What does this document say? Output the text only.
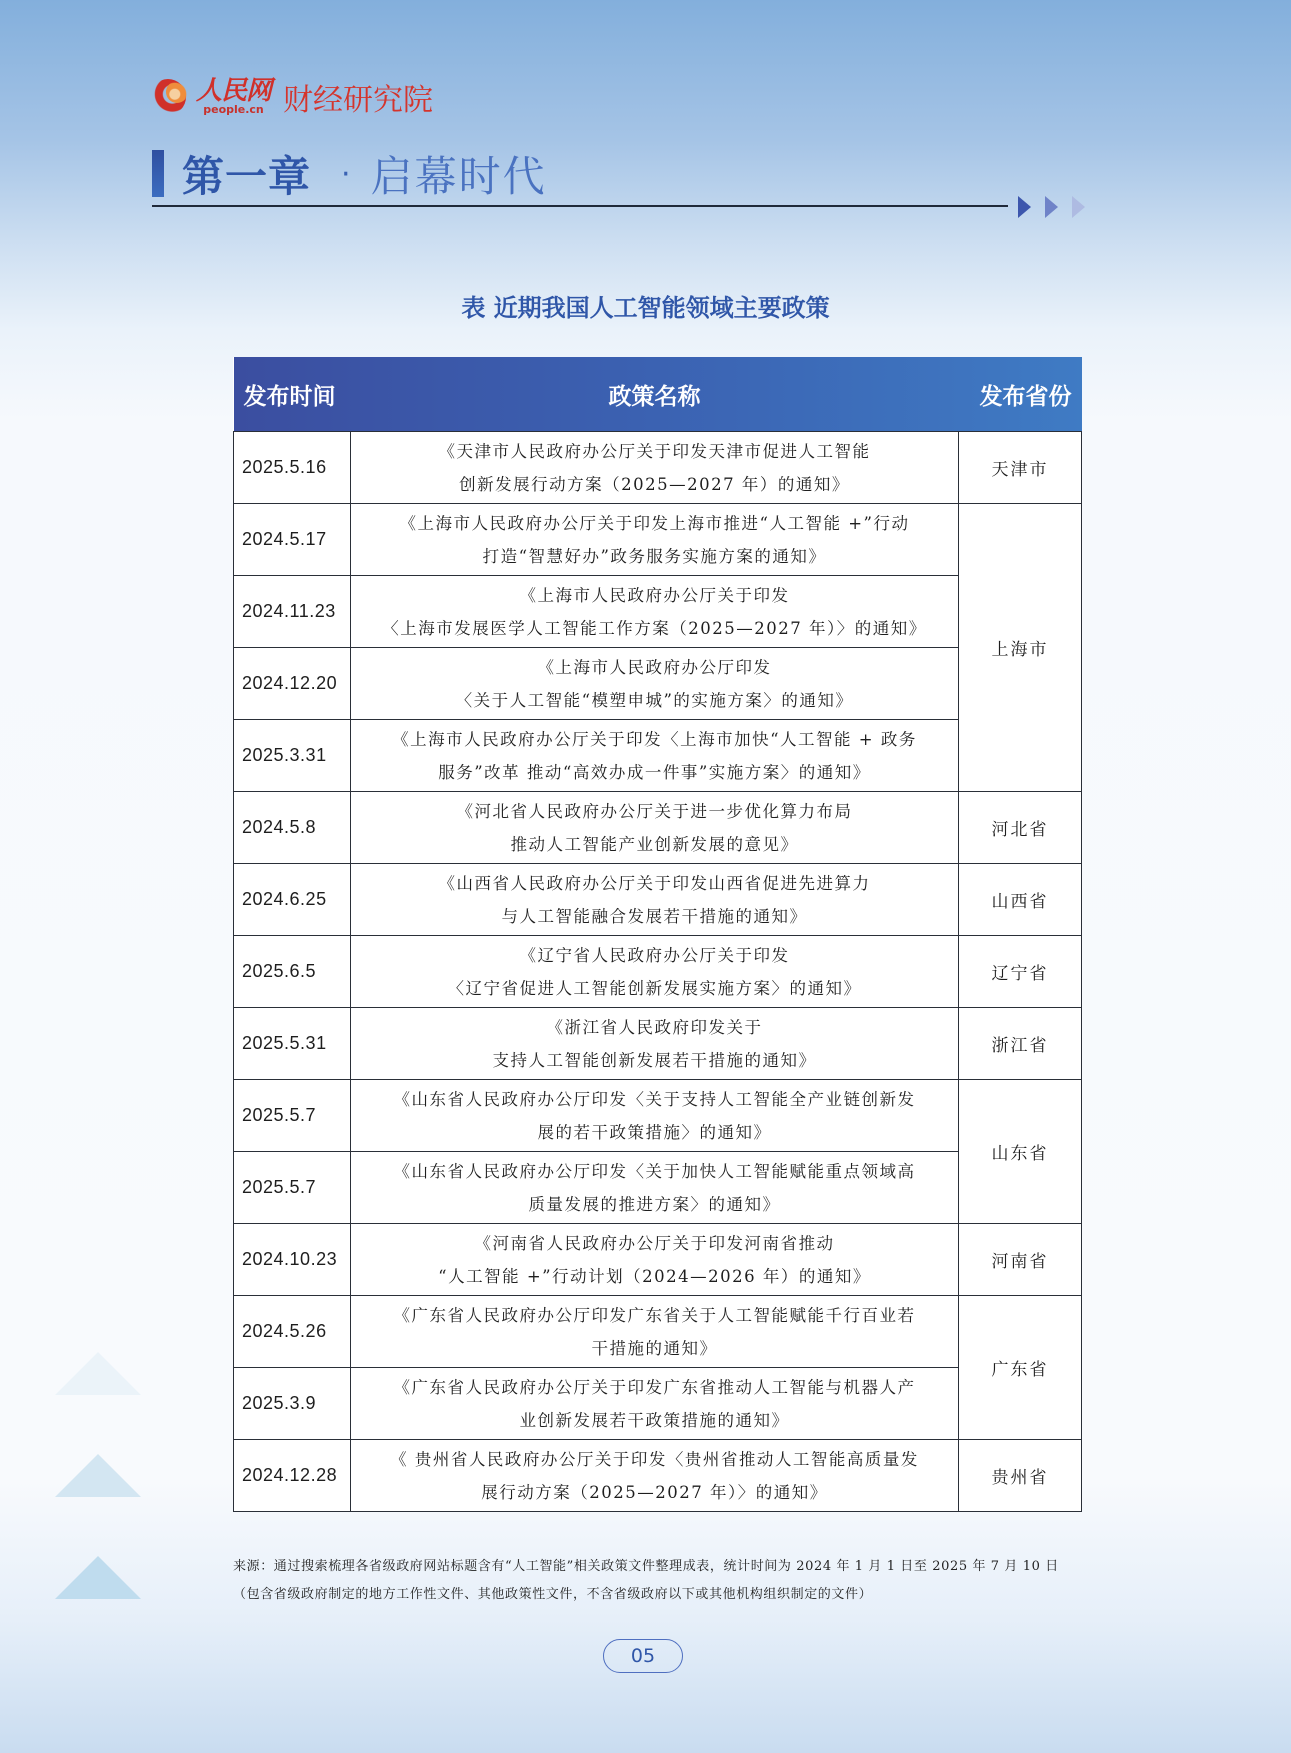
人民网
people.cn 财经研究院
第一章 · 启幕时代
表 近期我国人工智能领域主要政策
发布时间	政策名称	发布省份
2025.5.16	《天津市人民政府办公厅关于印发天津市促进人工智能
创新发展行动方案（2025—2027 年）的通知》	天津市
2024.5.17	《上海市人民政府办公厅关于印发上海市推进“人工智能 +”行动
打造“智慧好办”政务服务实施方案的通知》	上海市
2024.11.23	《上海市人民政府办公厅关于印发
〈上海市发展医学人工智能工作方案（2025—2027 年）〉的通知》	

2024.12.20	《上海市人民政府办公厅印发
〈关于人工智能“模塑申城”的实施方案〉的通知》	

2025.3.31	《上海市人民政府办公厅关于印发〈上海市加快“人工智能 + 政务
服务”改革 推动“高效办成一件事”实施方案〉的通知》	

2024.5.8	《河北省人民政府办公厅关于进一步优化算力布局
推动人工智能产业创新发展的意见》	河北省
2024.6.25	《山西省人民政府办公厅关于印发山西省促进先进算力
与人工智能融合发展若干措施的通知》	山西省
2025.6.5	《辽宁省人民政府办公厅关于印发
〈辽宁省促进人工智能创新发展实施方案〉的通知》	辽宁省
2025.5.31	《浙江省人民政府印发关于
支持人工智能创新发展若干措施的通知》	浙江省
2025.5.7	《山东省人民政府办公厅印发〈关于支持人工智能全产业链创新发
展的若干政策措施〉的通知》	山东省
2025.5.7	《山东省人民政府办公厅印发〈关于加快人工智能赋能重点领域高
质量发展的推进方案〉的通知》	

2024.10.23	《河南省人民政府办公厅关于印发河南省推动
“人工智能 +”行动计划（2024—2026 年）的通知》	河南省
2024.5.26	《广东省人民政府办公厅印发广东省关于人工智能赋能千行百业若
干措施的通知》	广东省
2025.3.9	《广东省人民政府办公厅关于印发广东省推动人工智能与机器人产
业创新发展若干政策措施的通知》	

2024.12.28	《 贵州省人民政府办公厅关于印发〈贵州省推动人工智能高质量发
展行动方案（2025—2027 年）〉的通知》	贵州省
来源：通过搜索梳理各省级政府网站标题含有“人工智能”相关政策文件整理成表，统计时间为 2024 年 1 月 1 日至 2025 年 7 月 10 日（包含省级政府制定的地方工作性文件、其他政策性文件，不含省级政府以下或其他机构组织制定的文件）
05
